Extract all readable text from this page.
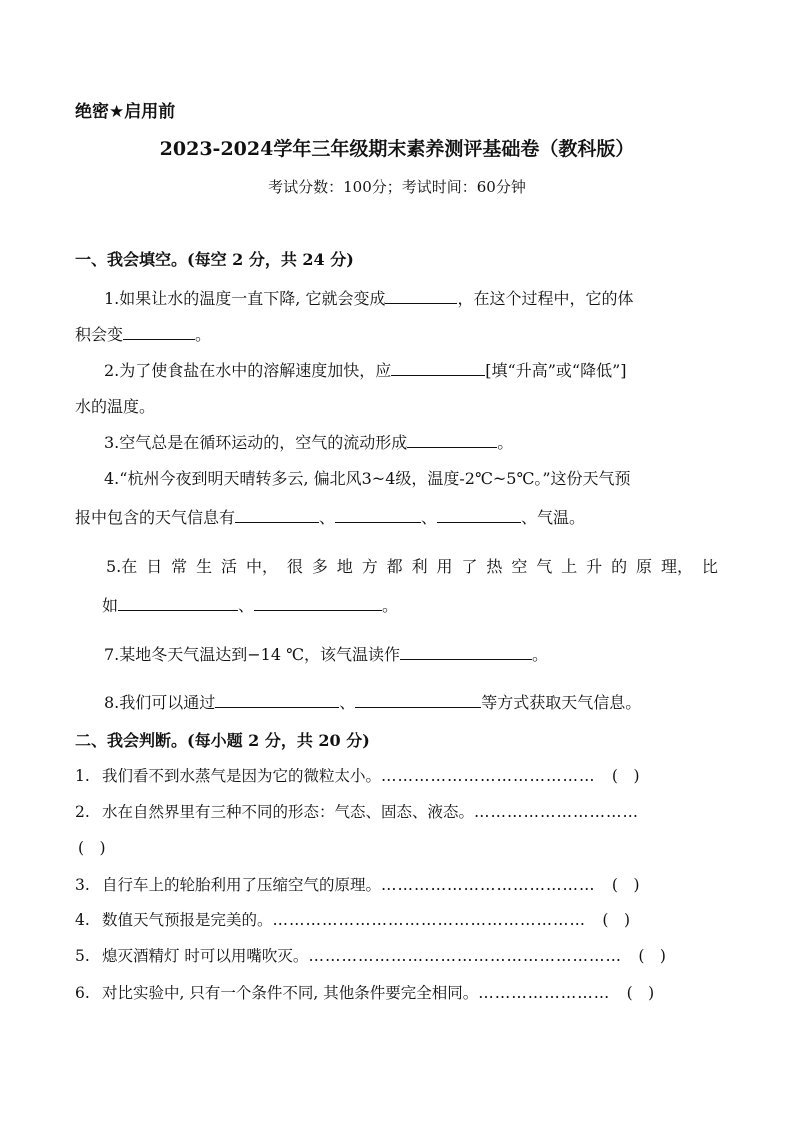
绝密★启用前
2023-2024学年三年级期末素养测评基础卷（教科版）
考试分数：100分；考试时间：60分钟
一、我会填空。(每空 2 分，共 24 分)
1.如果让水的温度一直下降, 它就会变成	，在这个过程中，它的体
积会变	。
2.为了使食盐在水中的溶解速度加快，应	[填“升高”或“降低”]
水的温度。
3.空气总是在循环运动的，空气的流动形成	。
4.“杭州今夜到明天晴转多云, 偏北风3~4级，温度-2℃~5℃。”这份天气预
报中包含的天气信息有	、	、	、气温。
5.在 日 常 生 活 中， 很 多 地 方 都 利 用 了 热 空 气 上 升 的 原 理， 比
如	、	。
7.某地冬天气温达到−14 ℃，该气温读作	。
8.我们可以通过	、	等方式获取天气信息。
二、我会判断。(每小题 2 分，共 20 分)
1. 我们看不到水蒸气是因为它的微粒太小。 …………………………………	(　)
2. 水在自然界里有三种不同的形态：气态、固态、液态。 …………………………
(　)
3. 自行车上的轮胎利用了压缩空气的原理。 …………………………………	(　)
4. 数值天气预报是完美的。 …………………………………………………	(　)
5. 熄灭酒精灯 时可以用嘴吹灭。 …………………………………………………	(　)
6. 对比实验中, 只有一个条件不同, 其他条件要完全相同。 ……………………	(　)
